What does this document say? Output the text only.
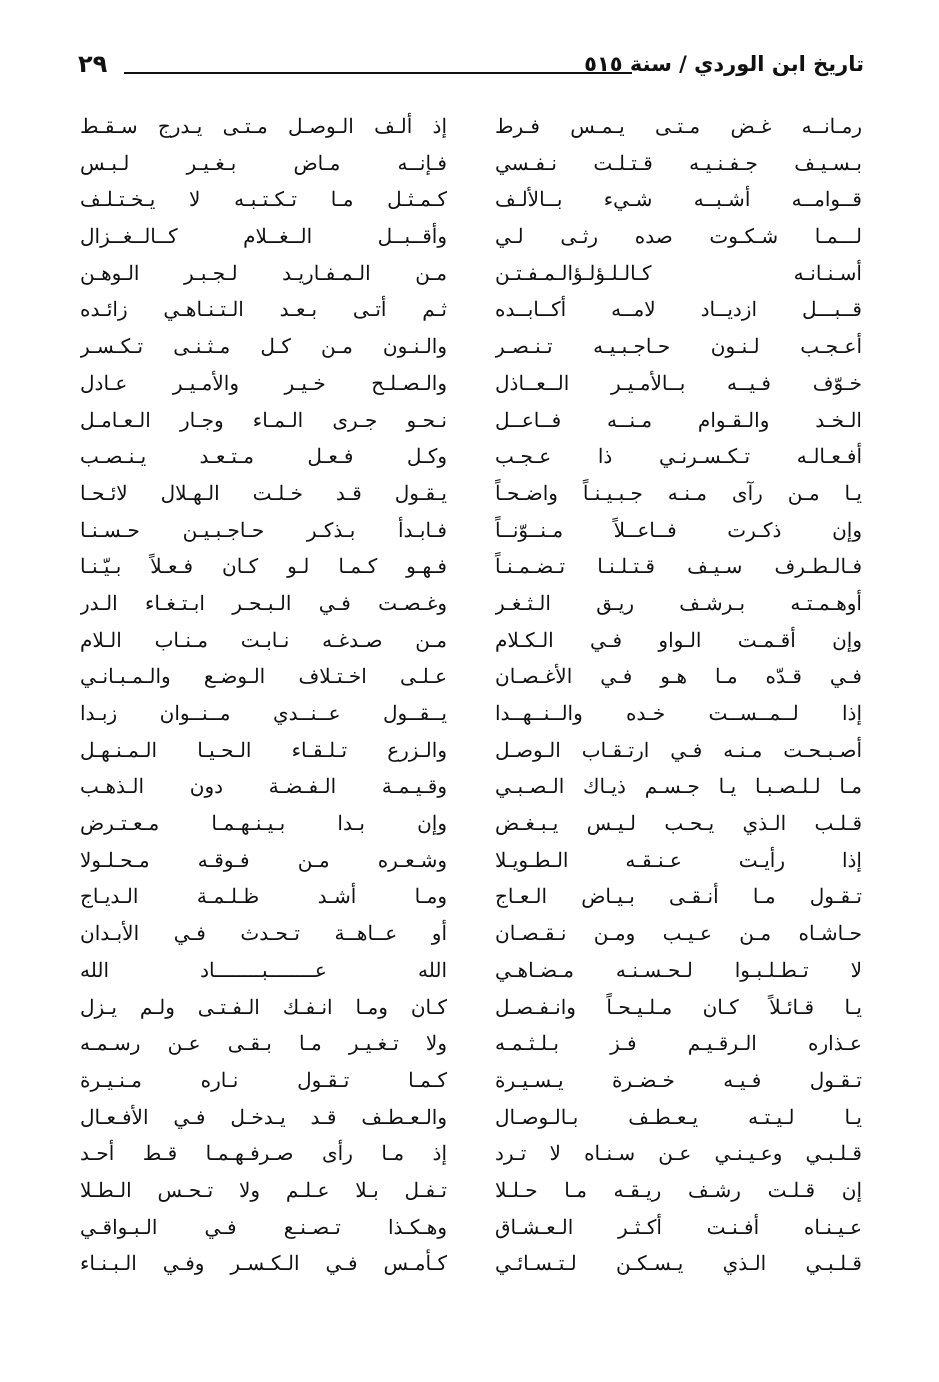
تاريخ ابن الوردي / سنة ٥١٥
٢٩
رمـانــه غـض مـتـى يـمـس فـرط
بـسـيـف جـفـنـيـه قـتـلـت نـفـسي
قــوامــه أشـبــه شـيء بــالألـف
لـــمـا شـكـوت صده رثـى لـي
أسـنـانـه كـالـلـؤلـؤالـمـفـتـن
قــبـــل ازديــاد لامــه أكــابــده
أعـجـب لـنـون حـاجـبـيـه تـنـصـر
خـوّف فـيــه بــالأمـيـر الــعــاذل
الـخـد والـقـوام مـنــه فــاعــل
أفـعـالـه تـكـسـرنـي ذا عـجـب
يـا مـن رآى مـنـه جـبـيـنـاً واضـحـاً
وإن ذكـرت فــاعــلاً مـنــوّنــاً
فـالـطـرف سـيـف قـتـلـنـا تـضـمـنـاً
أوهـمـتـه بـرشـف ريـق الـثـغـر
وإن أقـمـت الـواو فـي الـكـلام
فـي قـدّه مـا هـو فـي الأغـصـان
إذا لــمــســت خـده والــنــهــدا
أصـبـحـت مـنـه فـي ارتـقـاب الـوصـل
مـا لـلـصـبـا يـا جـسـم ذيـاك الـصـبـي
قـلـب الـذي يـحـب لـيـس يـبـغـض
إذا رأيـت عـنـقـه الـطـويـلا
تـقـول مـا أنـقـى بـيـاض الـعـاج
حـاشـاه مـن عـيـب ومـن نـقـصـان
لا تـطـلـبـوا لـحـسـنـه مـضـاهـي
يـا قـائـلاً كـان مـلـيـحـاً وانـفـصـل
عـذاره الـرقـيـم فـز بـلـثـمـه
تـقـول فـيـه خـضـرة يـسـيـرة
يـا لـيـتـه يـعـطـف بـالـوصـال
قـلـبـي وعـيـنـي عـن سـنـاه لا تـرد
إن قـلـت رشـف ريـقـه مـا حـلـلا
عـيـنـاه أفـنـت أكـثـر الـعـشـاق
قـلـبـي الـذي يـسـكـن لـتـسـائـي
إذ ألـف الـوصـل مـتـى يـدرج سـقـط
فـإنــه مـاض بـغـيـر لـبـس
كـمـثـل مـا تـكـتـبـه لا يـخـتـلـف
وأقــبــل الــغــلام كــالــغــزال
مـن الـمـفـاريـد لـجـبـر الـوهـن
ثـم أتـى بـعـد الـتـنـاهـي زائـده
والـنـون مـن كـل مـثـنـى تـكـسـر
والـصـلـح خـيـر والأمـيـر عـادل
نـحـو جـرى الـمـاء وجـار الـعـامـل
وكـل فـعـل مـتـعـد يـنـصـب
يـقـول قـد خـلـت الـهـلال لائـحـا
فـابـدأ بـذكـر حـاجـبـيـن حـسـنـا
فـهـو كـمـا لـو كـان فـعـلاً بـيّـنـا
وغـصـت فـي الـبـحـر ابـتـغـاء الـدر
مـن صـدغـه نـابـت مـنـاب الـلام
عـلـى اخـتـلاف الـوضـع والـمـبـانـي
يــقــول عــنــدي مــنــوان زبـدا
والـزرع تـلـقـاء الـحـيـا الـمـنـهـل
وقـيـمـة الـفـضـة دون الـذهـب
وإن بـدا بـيـنـهـمـا مـعـتـرض
وشـعـره مـن فـوقـه مـحـلـولا
ومـا أشـد ظـلـمـة الـديـاج
أو عــاهــة تـحـدث فـي الأبـدان
الله عــــــــبــــــــاد الله
كـان ومـا انـفـك الـفـتـى ولـم يـزل
ولا تـغـيـر مـا بـقـى عـن رسـمـه
كـمـا تـقـول نـاره مـنـيـرة
والـعـطـف قـد يـدخـل فـي الأفـعـال
إذ مـا رأى صـرفـهـمـا قـط أحـد
تـفـل بـلا عـلـم ولا تـحـس الـطـلا
وهـكـذا تـصـنـع فـي الـبـواقـي
كـأمـس فـي الـكـسـر وفـي الـبـنـاء
